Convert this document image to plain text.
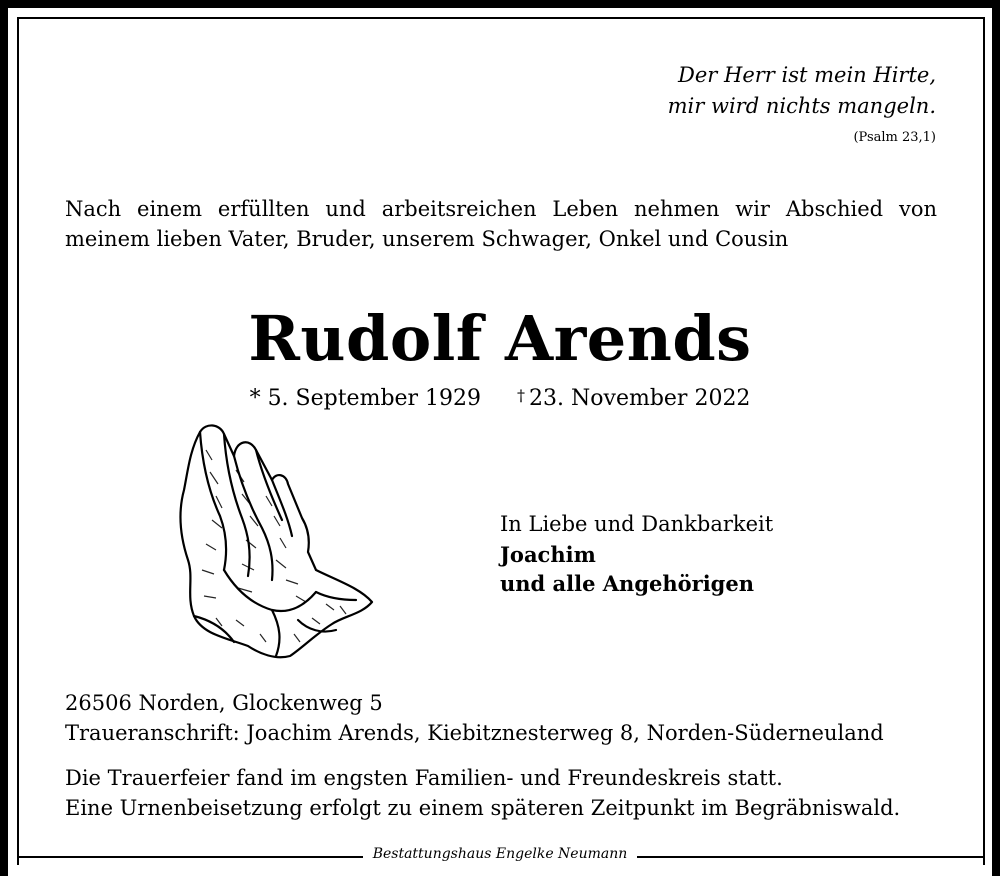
Der Herr ist mein Hirte,
mir wird nichts mangeln.
(Psalm 23,1)
Nach einem erfüllten und arbeitsreichen Leben nehmen wir Abschied von meinem lieben Vater, Bruder, unserem Schwager, Onkel und Cousin
Rudolf Arends
* 5. September 1929 † 23. November 2022
In Liebe und Dankbarkeit
Joachim
und alle Angehörigen
26506 Norden, Glockenweg 5
Traueranschrift: Joachim Arends, Kiebitznesterweg 8, Norden-Süderneuland
Die Trauerfeier fand im engsten Familien- und Freundeskreis statt.
Eine Urnenbeisetzung erfolgt zu einem späteren Zeitpunkt im Begräbniswald.
Bestattungshaus Engelke Neumann
